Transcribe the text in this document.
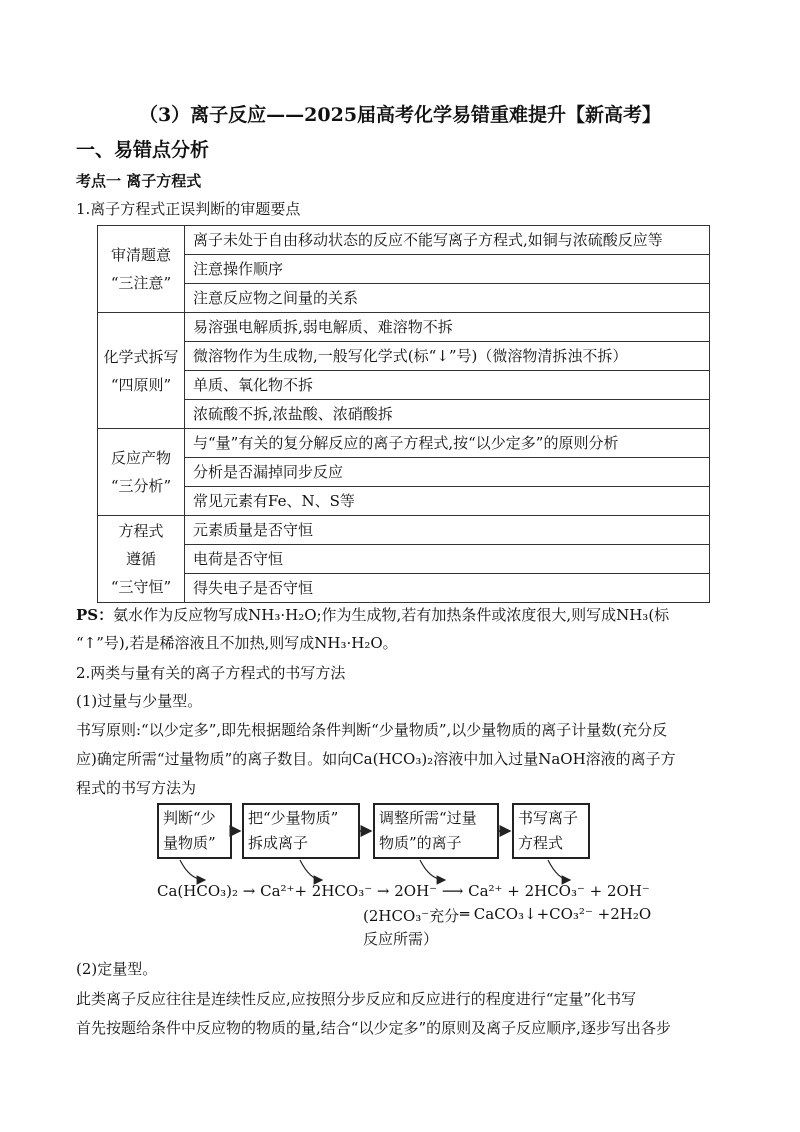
（3）离子反应——2025届高考化学易错重难提升【新高考】
一、易错点分析
考点一 离子方程式
1.离子方程式正误判断的审题要点
审清题意
“三注意”	离子未处于自由移动状态的反应不能写离子方程式,如铜与浓硫酸反应等
	注意操作顺序
	注意反应物之间量的关系

化学式拆写
“四原则”	易溶强电解质拆,弱电解质、难溶物不拆
	微溶物作为生成物,一般写化学式(标“↓”号)（微溶物清拆浊不拆）
	单质、氧化物不拆
	浓硫酸不拆,浓盐酸、浓硝酸拆

反应产物
“三分析”	与“量”有关的复分解反应的离子方程式,按“以少定多”的原则分析
	分析是否漏掉同步反应
	常见元素有Fe、N、S等

方程式
遵循
“三守恒”	元素质量是否守恒
	电荷是否守恒
	得失电子是否守恒
PS：氨水作为反应物写成NH₃·H₂O;作为生成物,若有加热条件或浓度很大,则写成NH₃(标
“↑”号),若是稀溶液且不加热,则写成NH₃·H₂O。
2.两类与量有关的离子方程式的书写方法
(1)过量与少量型。
书写原则:“以少定多”,即先根据题给条件判断“少量物质”,以少量物质的离子计量数(充分反
应)确定所需“过量物质”的离子数目。如向Ca(HCO₃)₂溶液中加入过量NaOH溶液的离子方
程式的书写方法为
判断“少
量物质”
把“少量物质”
拆成离子
调整所需“过量
物质”的离子
书写离子
方程式
Ca(HCO₃)₂ → Ca²⁺+ 2HCO₃⁻ → 2OH⁻ ⟶ Ca²⁺ + 2HCO₃⁻ + 2OH⁻
(2HCO₃⁻充分 ═ CaCO₃↓+CO₃²⁻ +2H₂O
反应所需）
(2)定量型。
此类离子反应往往是连续性反应,应按照分步反应和反应进行的程度进行“定量”化书写
首先按题给条件中反应物的物质的量,结合“以少定多”的原则及离子反应顺序,逐步写出各步
